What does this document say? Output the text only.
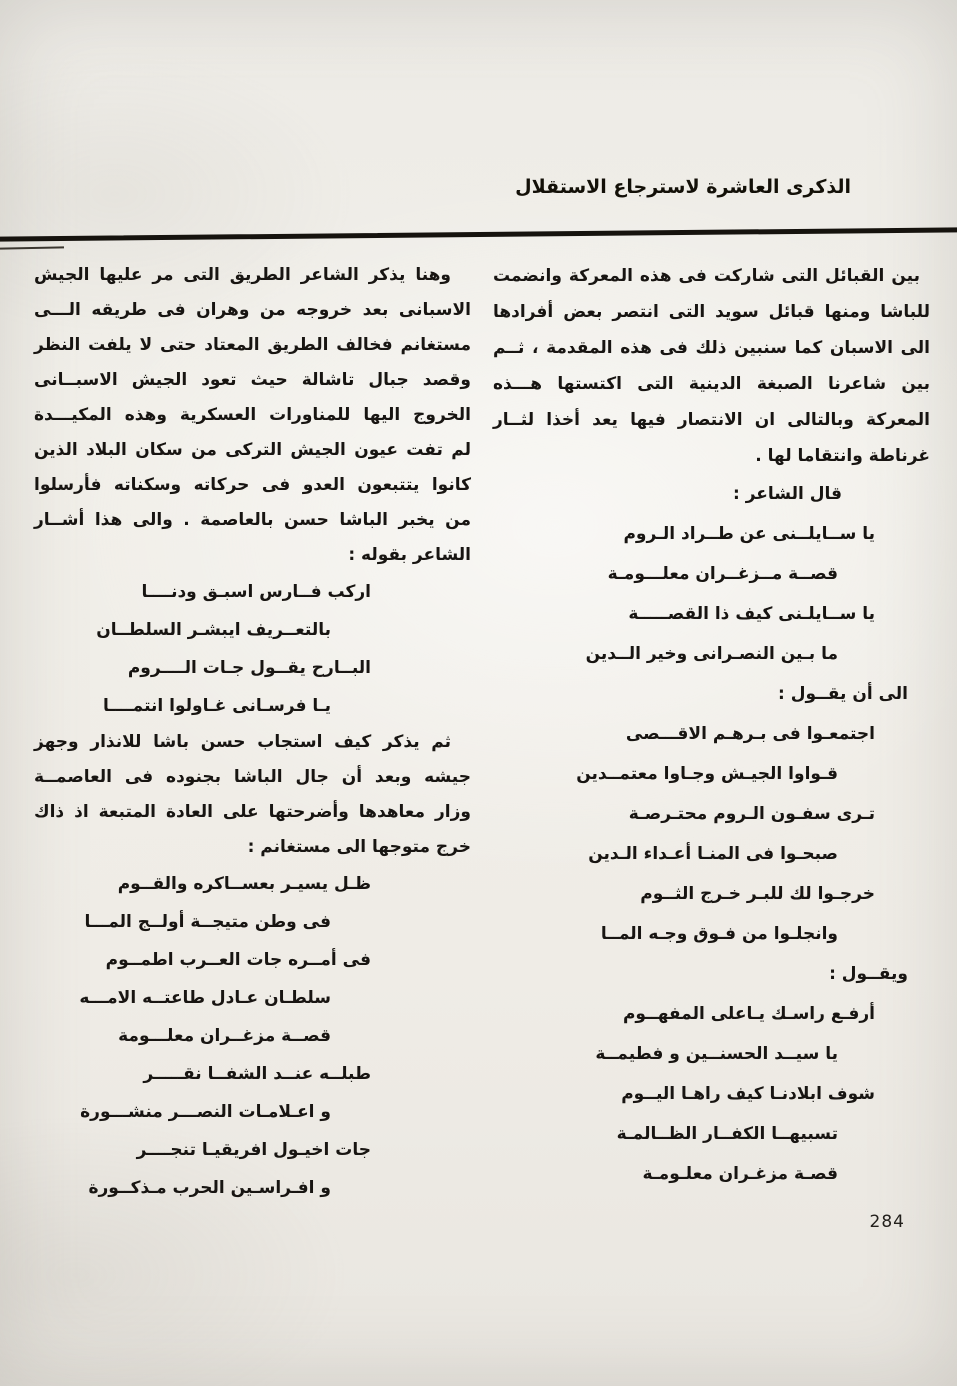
الذكرى العاشرة لاسترجاع الاستقلال
بين القبائل التى شاركت فى هذه المعركة وانضمت
للباشا ومنها قبائل سويد التى انتصر بعض أفرادها
الى الاسبان كما سنبين ذلك فى هذه المقدمة ، ثــم
بين شاعرنا الصبغة الدينية التى اكتستها هـــذه
المعركة وبالتالى ان الانتصار فيها يعد أخذا لثــار
غرناطة وانتقاما لها .
قال الشاعر :
يا ســايلــنى عن طــراد الـروم
قصــة مــزغــران معلـــومـة
يا ســايلـنى كيف ذا القصـــــة
ما بـين النصـرانى وخير الــدين
الى أن يقــول :
اجتمعـوا فى بـرهـم الاقـــصى
قـواوا الجيـش وجـاوا معتمــدين
تـرى سفـون الـروم محتـرصـة
صبحـوا فى المنـا أعـداء الـدين
خرجـوا لك للبـر خـرج الثــوم
وانجلـوا من فـوق وجـه المــا
ويقــول :
أرفـع راسـك يـاعلى المفهــوم
يا سيــد الحسنــين و فطيمــة
شوف ابلادنـا كيف راهـا اليــوم
تسبيهــا الكفــار الظــالمـة
قصـة مزغـران معلـومـة
وهنا يذكر الشاعر الطريق التى مر عليها الجيش
الاسبانى بعد خروجه من وهران فى طريقه الـــى
مستغانم فخالف الطريق المعتاد حتى لا يلفت النظر
وقصد جبال تاشالة حيث تعود الجيش الاسبــانى
الخروج اليها للمناورات العسكرية وهذه المكيـــدة
لم تفت عيون الجيش التركى من سكان البلاد الذين
كانوا يتتبعون العدو فى حركاته وسكناته فأرسلوا
من يخبر الباشا حسن بالعاصمة . والى هذا أشــار
الشاعر بقوله :
اركب فــارس اسبـق ودنــــا
بالتعــريف ايبشـر السلطــان
البــارح يقــول جـات الــــروم
يـا فرسـانى غـاولوا انتمــــا
ثم يذكر كيف استجاب حسن باشا للانذار وجهز
جيشه وبعد أن جال الباشا بجنوده فى العاصمــة
وزار معاهدها وأضرحتها على العادة المتبعة اذ ذاك
خرج متوجها الى مستغانم :
ظـل يسيـر بعســاكره والقــوم
فى وطن متيجــة أولــج المـــا
فى أمــره جات العــرب اطمــوم
سلطـان عـادل طاعتــه الامـــه
قصــة مزغــران معلـــومة
طبلــه عنــد الشفــا نقـــــر
و اعـلامـات النصـــر منشـــورة
جات اخيـول افريقيـا تنجــــر
و افـراسـين الحرب مـذكــورة
284
